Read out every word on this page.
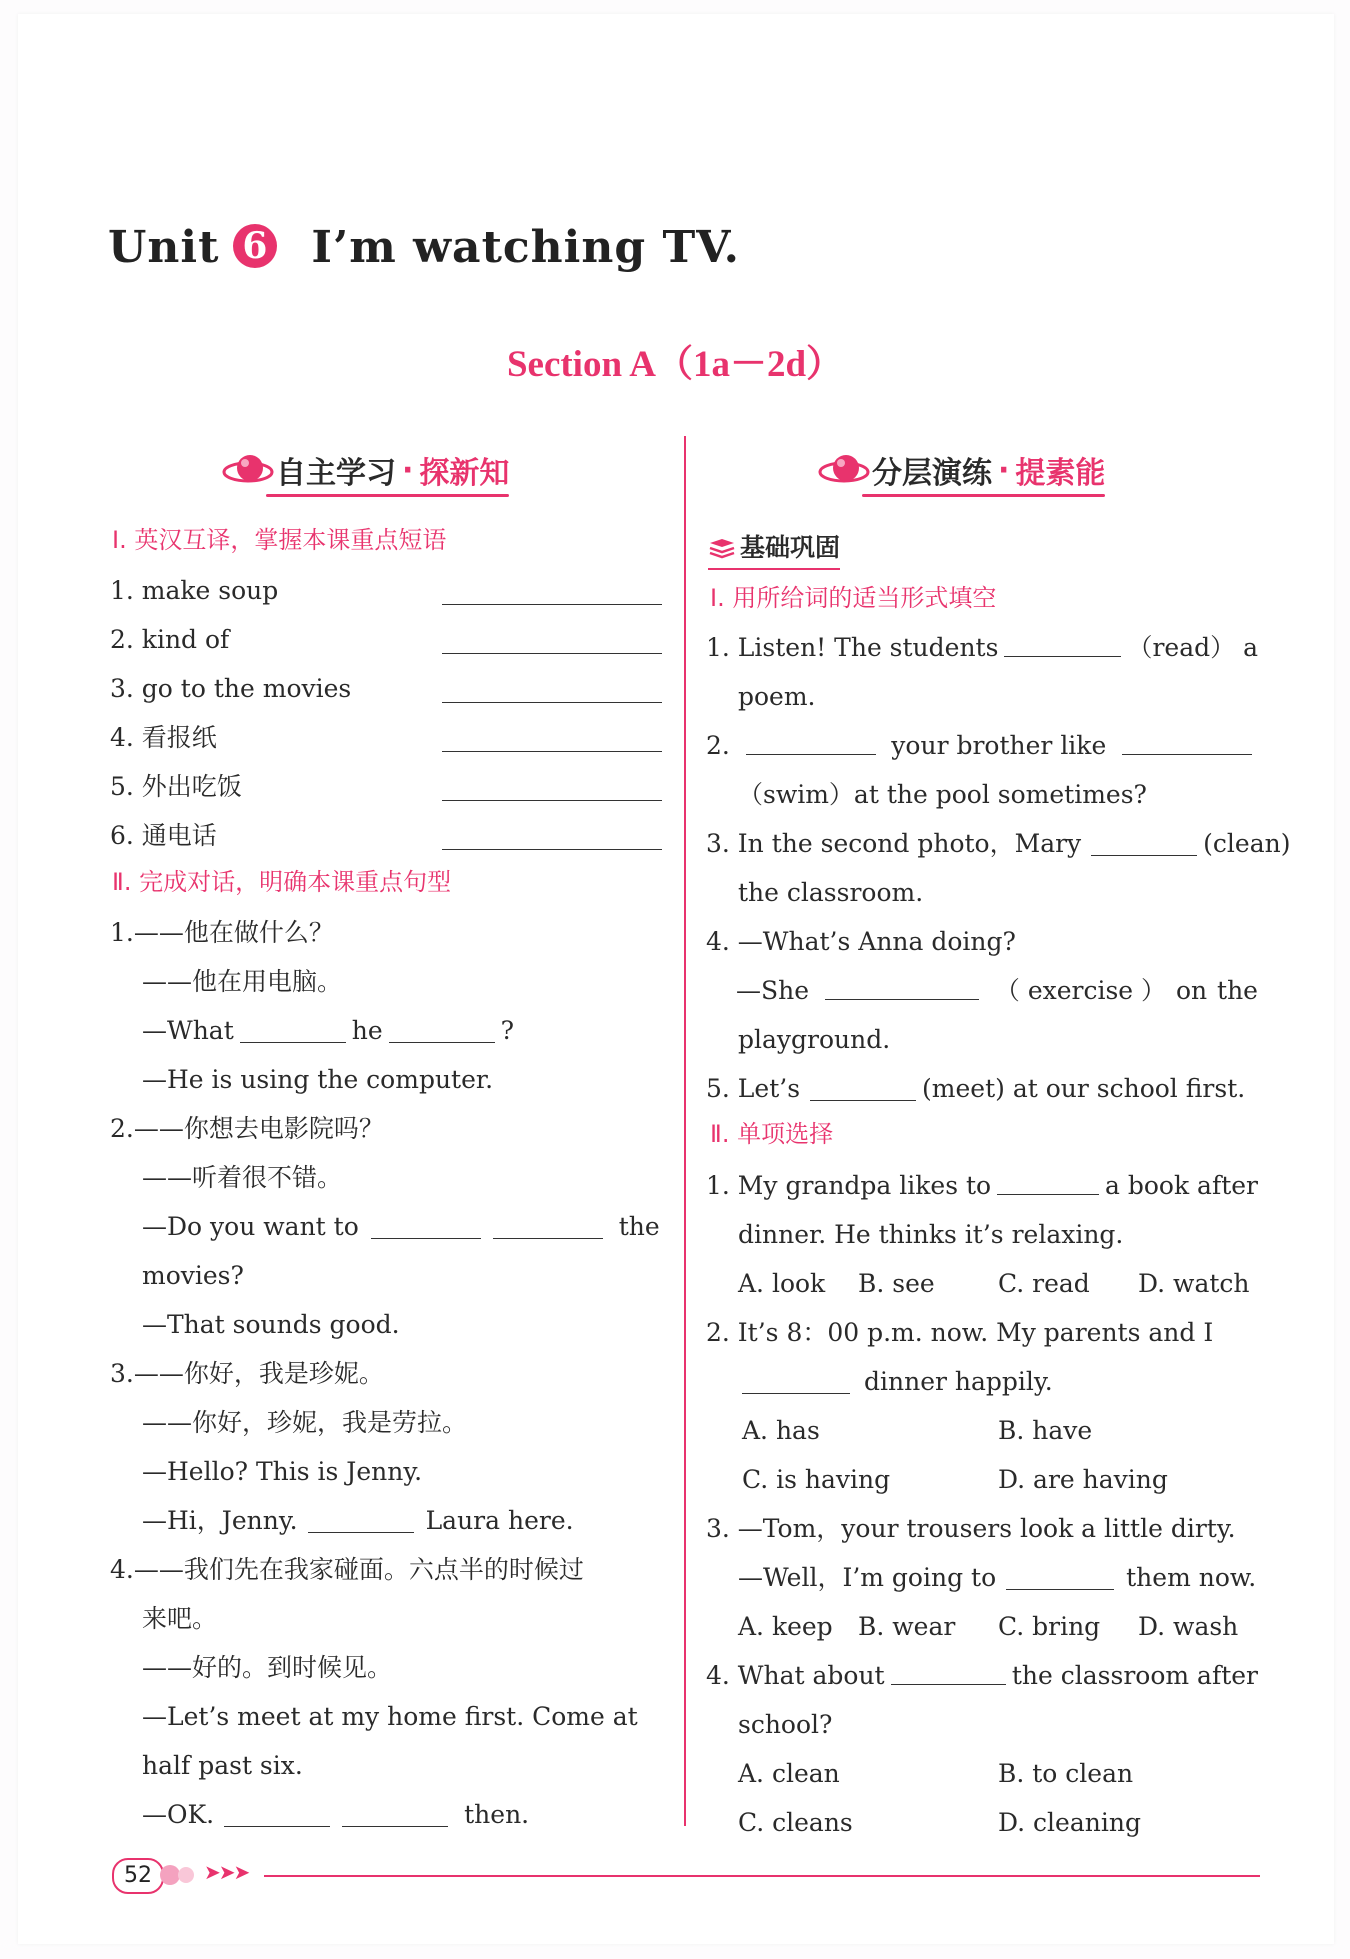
Unit 6 I’m watching TV.
Section A（1a－2d）
自主学习 · 探新知	分层演练 · 提素能
Ⅰ. 英汉互译，掌握本课重点短语
1. make soup
2. kind of
3. go to the movies
4. 看报纸
5. 外出吃饭
6. 通电话
Ⅱ. 完成对话，明确本课重点句型
1.——他在做什么？
——他在用电脑。
—What	he	?
—He is using the computer.
2.——你想去电影院吗？
——听着很不错。
—Do you want to	the
movies?
—That sounds good.
3.——你好，我是珍妮。
——你好，珍妮，我是劳拉。
—Hello? This is Jenny.
—Hi，Jenny.	Laura here.
4.——我们先在我家碰面。六点半的时候过
来吧。
——好的。到时候见。
—Let’s meet at my home first. Come at
half past six.
—OK.	then.
基础巩固
Ⅰ. 用所给词的适当形式填空
1. Listen! The students	（read） a
poem.
2.	your brother like
（swim）at the pool sometimes?
3. In the second photo，Mary	(clean)
the classroom.
4. —What’s Anna doing?
—She	（ exercise ） on the
playground.
5. Let’s	(meet) at our school first.
Ⅱ. 单项选择
1. My grandpa likes to	a book after
dinner. He thinks it’s relaxing.
A. look B. see	C. read D. watch
2. It’s 8：00 p.m. now. My parents and I
dinner happily.
A. has	B. have
C. is having	D. are having
3. —Tom，your trousers look a little dirty.
—Well，I’m going to	them now.
A. keep B. wear C. bring D. wash
4. What about	the classroom after
school?
A. clean	B. to clean
C. cleans	D. cleaning
52	➤➤➤
